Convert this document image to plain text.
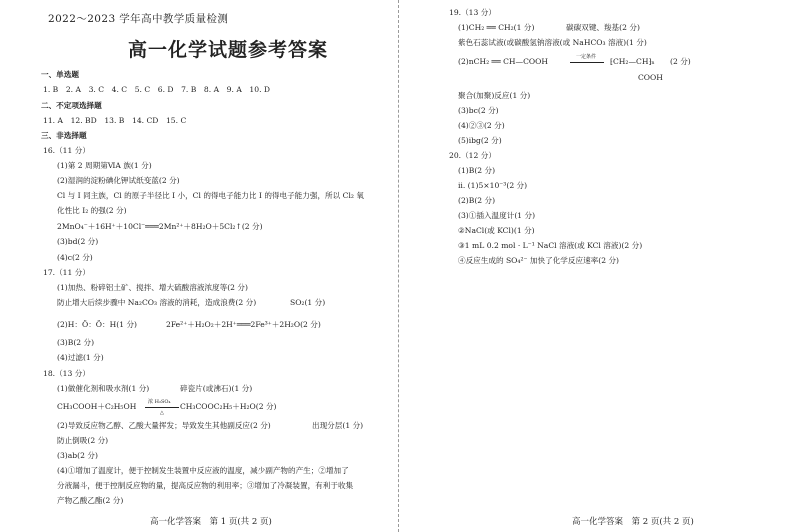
2022～2023 学年高中教学质量检测
高一化学试题参考答案
一、单选题
1. B　2. A　3. C　4. C　5. C　6. D　7. B　8. A　9. A　10. D
二、不定项选择题
11. A　12. BD　13. B　14. CD　15. C
三、非选择题
16.（11 分）
(1)第 2 周期第ⅥA 族(1 分)
(2)湿润的淀粉碘化钾试纸变蓝(2 分)
Cl 与 I 同主族，Cl 的原子半径比 I 小，Cl 的得电子能力比 I 的得电子能力强，所以 Cl₂ 氧
化性比 I₂ 的强(2 分)
2MnO₄⁻＋16H⁺＋10Cl⁻═══2Mn²⁺＋8H₂O＋5Cl₂↑(2 分)
(3)bd(2 分)
(4)c(2 分)
17.（11 分）
(1)加热、粉碎铝土矿、搅拌、增大硫酸溶液浓度等(2 分)
防止增大后续步骤中 Na₂CO₃ 溶液的消耗，造成浪费(2 分)	SO₂(1 分)
(2)H：Ö：Ö：H(1 分)	2Fe²⁺＋H₂O₂＋2H⁺═══2Fe³⁺＋2H₂O(2 分)
(3)B(2 分)
(4)过滤(1 分)
18.（13 分）
(1)做催化剂和吸水剂(1 分)	碎瓷片(或沸石)(1 分)
浓 H₂SO₄
△
CH₃COOH＋C₂H₅OH	CH₃COOC₂H₅＋H₂O(2 分)
(2)导致反应物乙醇、乙酸大量挥发；导致发生其他副反应(2 分)	出现分层(1 分)
防止倒吸(2 分)
(3)ab(2 分)
(4)①增加了温度计，便于控制发生装置中反应液的温度，减少副产物的产生；②增加了
分液漏斗，便于控制反应物的量，提高反应物的利用率；③增加了冷凝装置，有利于收集
产物乙酸乙酯(2 分)
高一化学答案　第 1 页(共 2 页)
19.（13 分）
(1)CH₂ ══ CH₂(1 分)	碳碳双键、羧基(2 分)
紫色石蕊试液(或碳酸氢钠溶液(或 NaHCO₃ 溶液)(1 分)
一定条件
(2)nCH₂ ══ CH—COOH	⁅CH₂—CH⁆ₙ (2 分)
COOH
聚合(加聚)反应(1 分)
(3)bc(2 分)
(4)②③(2 分)
(5)ibg(2 分)
20.（12 分）
(1)B(2 分)
ⅱ. (1)5×10⁻³(2 分)
(2)B(2 分)
(3)①插入温度计(1 分)
②NaCl(或 KCl)(1 分)
③1 mL 0.2 mol · L⁻¹ NaCl 溶液(或 KCl 溶液)(2 分)
④反应生成的 SO₄²⁻ 加快了化学反应速率(2 分)
高一化学答案　第 2 页(共 2 页)
